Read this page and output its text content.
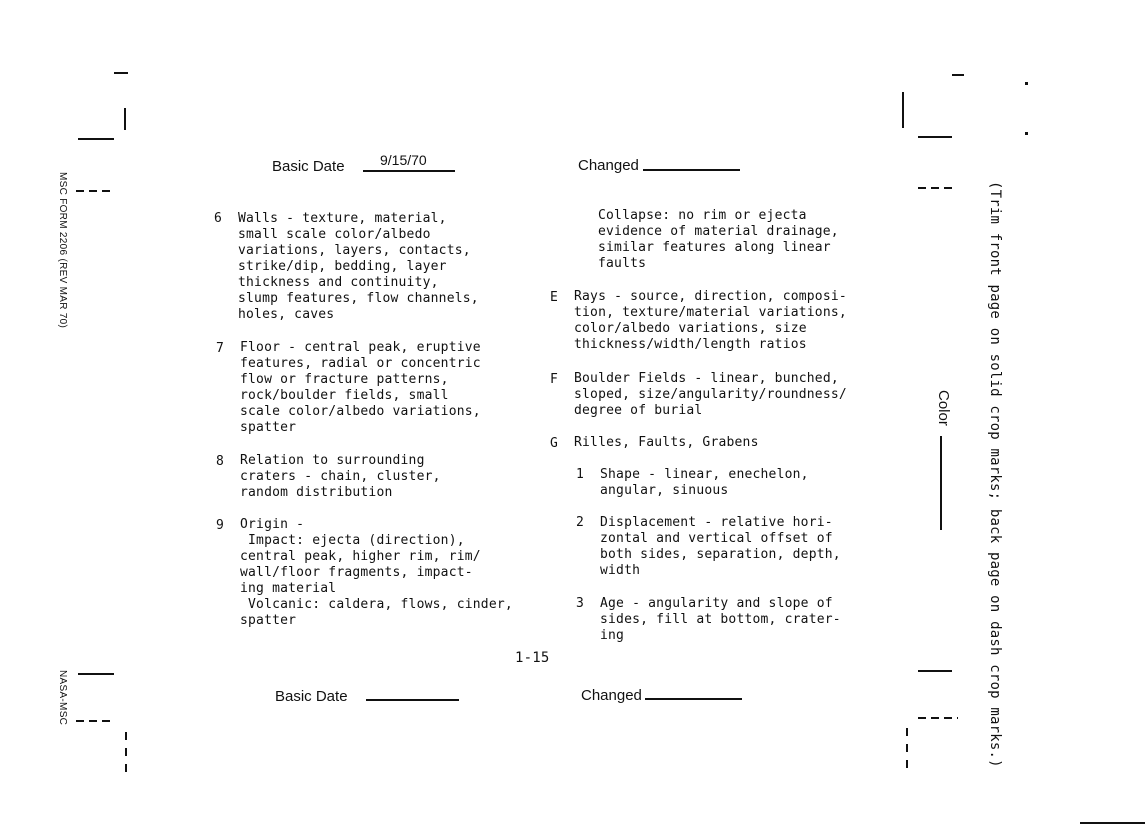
MSC FORM 2206 (REV MAR 70)
NASA-MSC	(Trim front page on solid crop marks; back page on dash crop marks.)
Color
Basic Date	9/15/70	Changed
6 Walls - texture, material,
small scale color/albedo
variations, layers, contacts,
strike/dip, bedding, layer
thickness and continuity,
slump features, flow channels,
holes, caves
7 Floor - central peak, eruptive
features, radial or concentric
flow or fracture patterns,
rock/boulder fields, small
scale color/albedo variations,
spatter
8 Relation to surrounding
craters - chain, cluster,
random distribution
9 Origin -
Impact: ejecta (direction),
central peak, higher rim, rim/
wall/floor fragments, impact-
ing material
Volcanic: caldera, flows, cinder,
spatter
Collapse: no rim or ejecta
evidence of material drainage,
similar features along linear
faults
E Rays - source, direction, composi-
tion, texture/material variations,
color/albedo variations, size
thickness/width/length ratios
F Boulder Fields - linear, bunched,
sloped, size/angularity/roundness/
degree of burial
G Rilles, Faults, Grabens
1 Shape - linear, enechelon,
angular, sinuous
2 Displacement - relative hori-
zontal and vertical offset of
both sides, separation, depth,
width
3 Age - angularity and slope of
sides, fill at bottom, crater-
ing
1-15
Basic Date	Changed
